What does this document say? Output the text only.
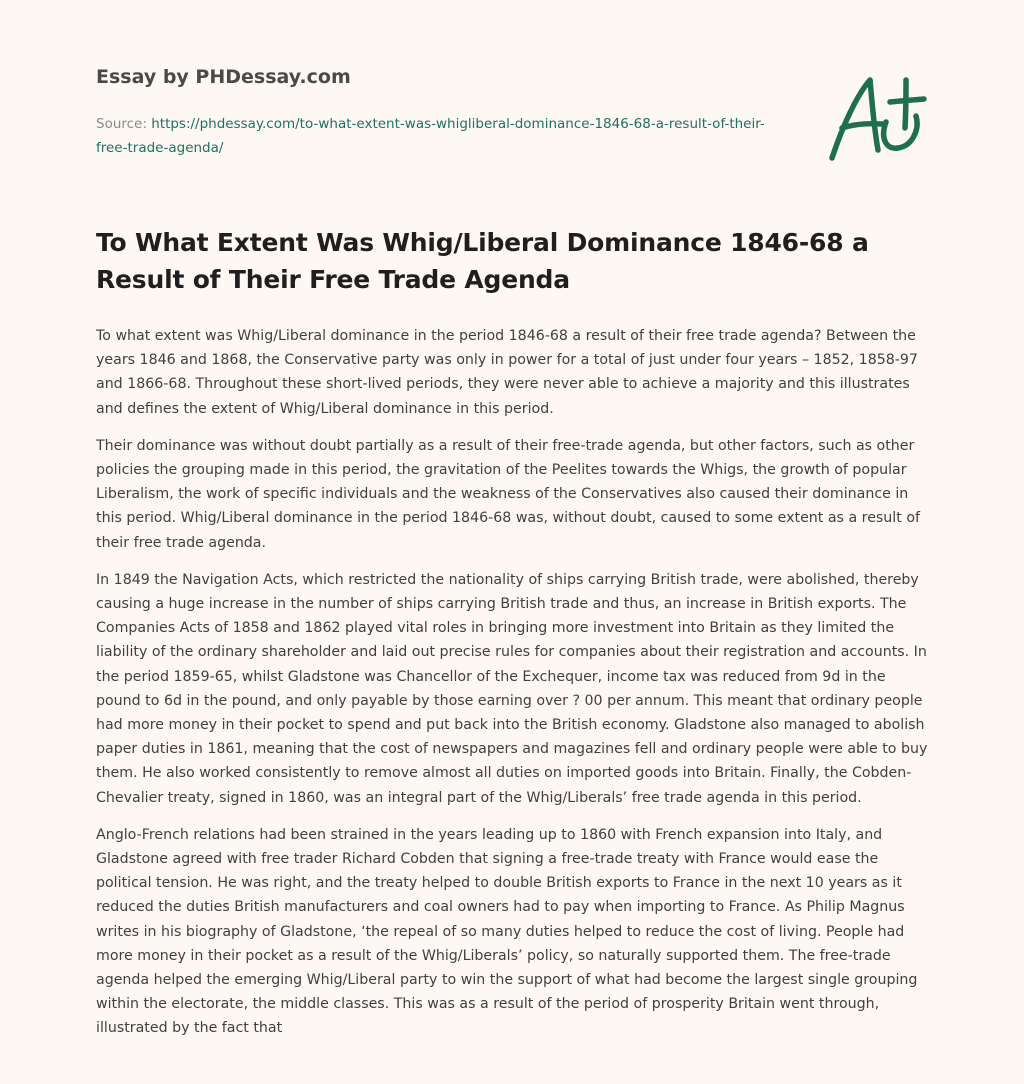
Essay by PHDessay.com
Source: https://phdessay.com/to-what-extent-was-whigliberal-dominance-1846-68-a-result-of-their-free-trade-agenda/
To What Extent Was Whig/Liberal Dominance 1846-68 a Result of Their Free Trade Agenda

To what extent was Whig/Liberal dominance in the period 1846-68 a result of their free trade agenda? Between the years 1846 and 1868, the Conservative party was only in power for a total of just under four years – 1852, 1858-97 and 1866-68. Throughout these short-lived periods, they were never able to achieve a majority and this illustrates and defines the extent of Whig/Liberal dominance in this period.

Their dominance was without doubt partially as a result of their free-trade agenda, but other factors, such as other policies the grouping made in this period, the gravitation of the Peelites towards the Whigs, the growth of popular Liberalism, the work of specific individuals and the weakness of the Conservatives also caused their dominance in this period. Whig/Liberal dominance in the period 1846-68 was, without doubt, caused to some extent as a result of their free trade agenda.

In 1849 the Navigation Acts, which restricted the nationality of ships carrying British trade, were abolished, thereby causing a huge increase in the number of ships carrying British trade and thus, an increase in British exports. The Companies Acts of 1858 and 1862 played vital roles in bringing more investment into Britain as they limited the liability of the ordinary shareholder and laid out precise rules for companies about their registration and accounts. In the period 1859-65, whilst Gladstone was Chancellor of the Exchequer, income tax was reduced from 9d in the pound to 6d in the pound, and only payable by those earning over ? 00 per annum. This meant that ordinary people had more money in their pocket to spend and put back into the British economy. Gladstone also managed to abolish paper duties in 1861, meaning that the cost of newspapers and magazines fell and ordinary people were able to buy them. He also worked consistently to remove almost all duties on imported goods into Britain. Finally, the Cobden-Chevalier treaty, signed in 1860, was an integral part of the Whig/Liberals’ free trade agenda in this period.

Anglo-French relations had been strained in the years leading up to 1860 with French expansion into Italy, and Gladstone agreed with free trader Richard Cobden that signing a free-trade treaty with France would ease the political tension. He was right, and the treaty helped to double British exports to France in the next 10 years as it reduced the duties British manufacturers and coal owners had to pay when importing to France. As Philip Magnus writes in his biography of Gladstone, ‘the repeal of so many duties helped to reduce the cost of living. People had more money in their pocket as a result of the Whig/Liberals’ policy, so naturally supported them. The free-trade agenda helped the emerging Whig/Liberal party to win the support of what had become the largest single grouping within the electorate, the middle classes. This was as a result of the period of prosperity Britain went through, illustrated by the fact that
